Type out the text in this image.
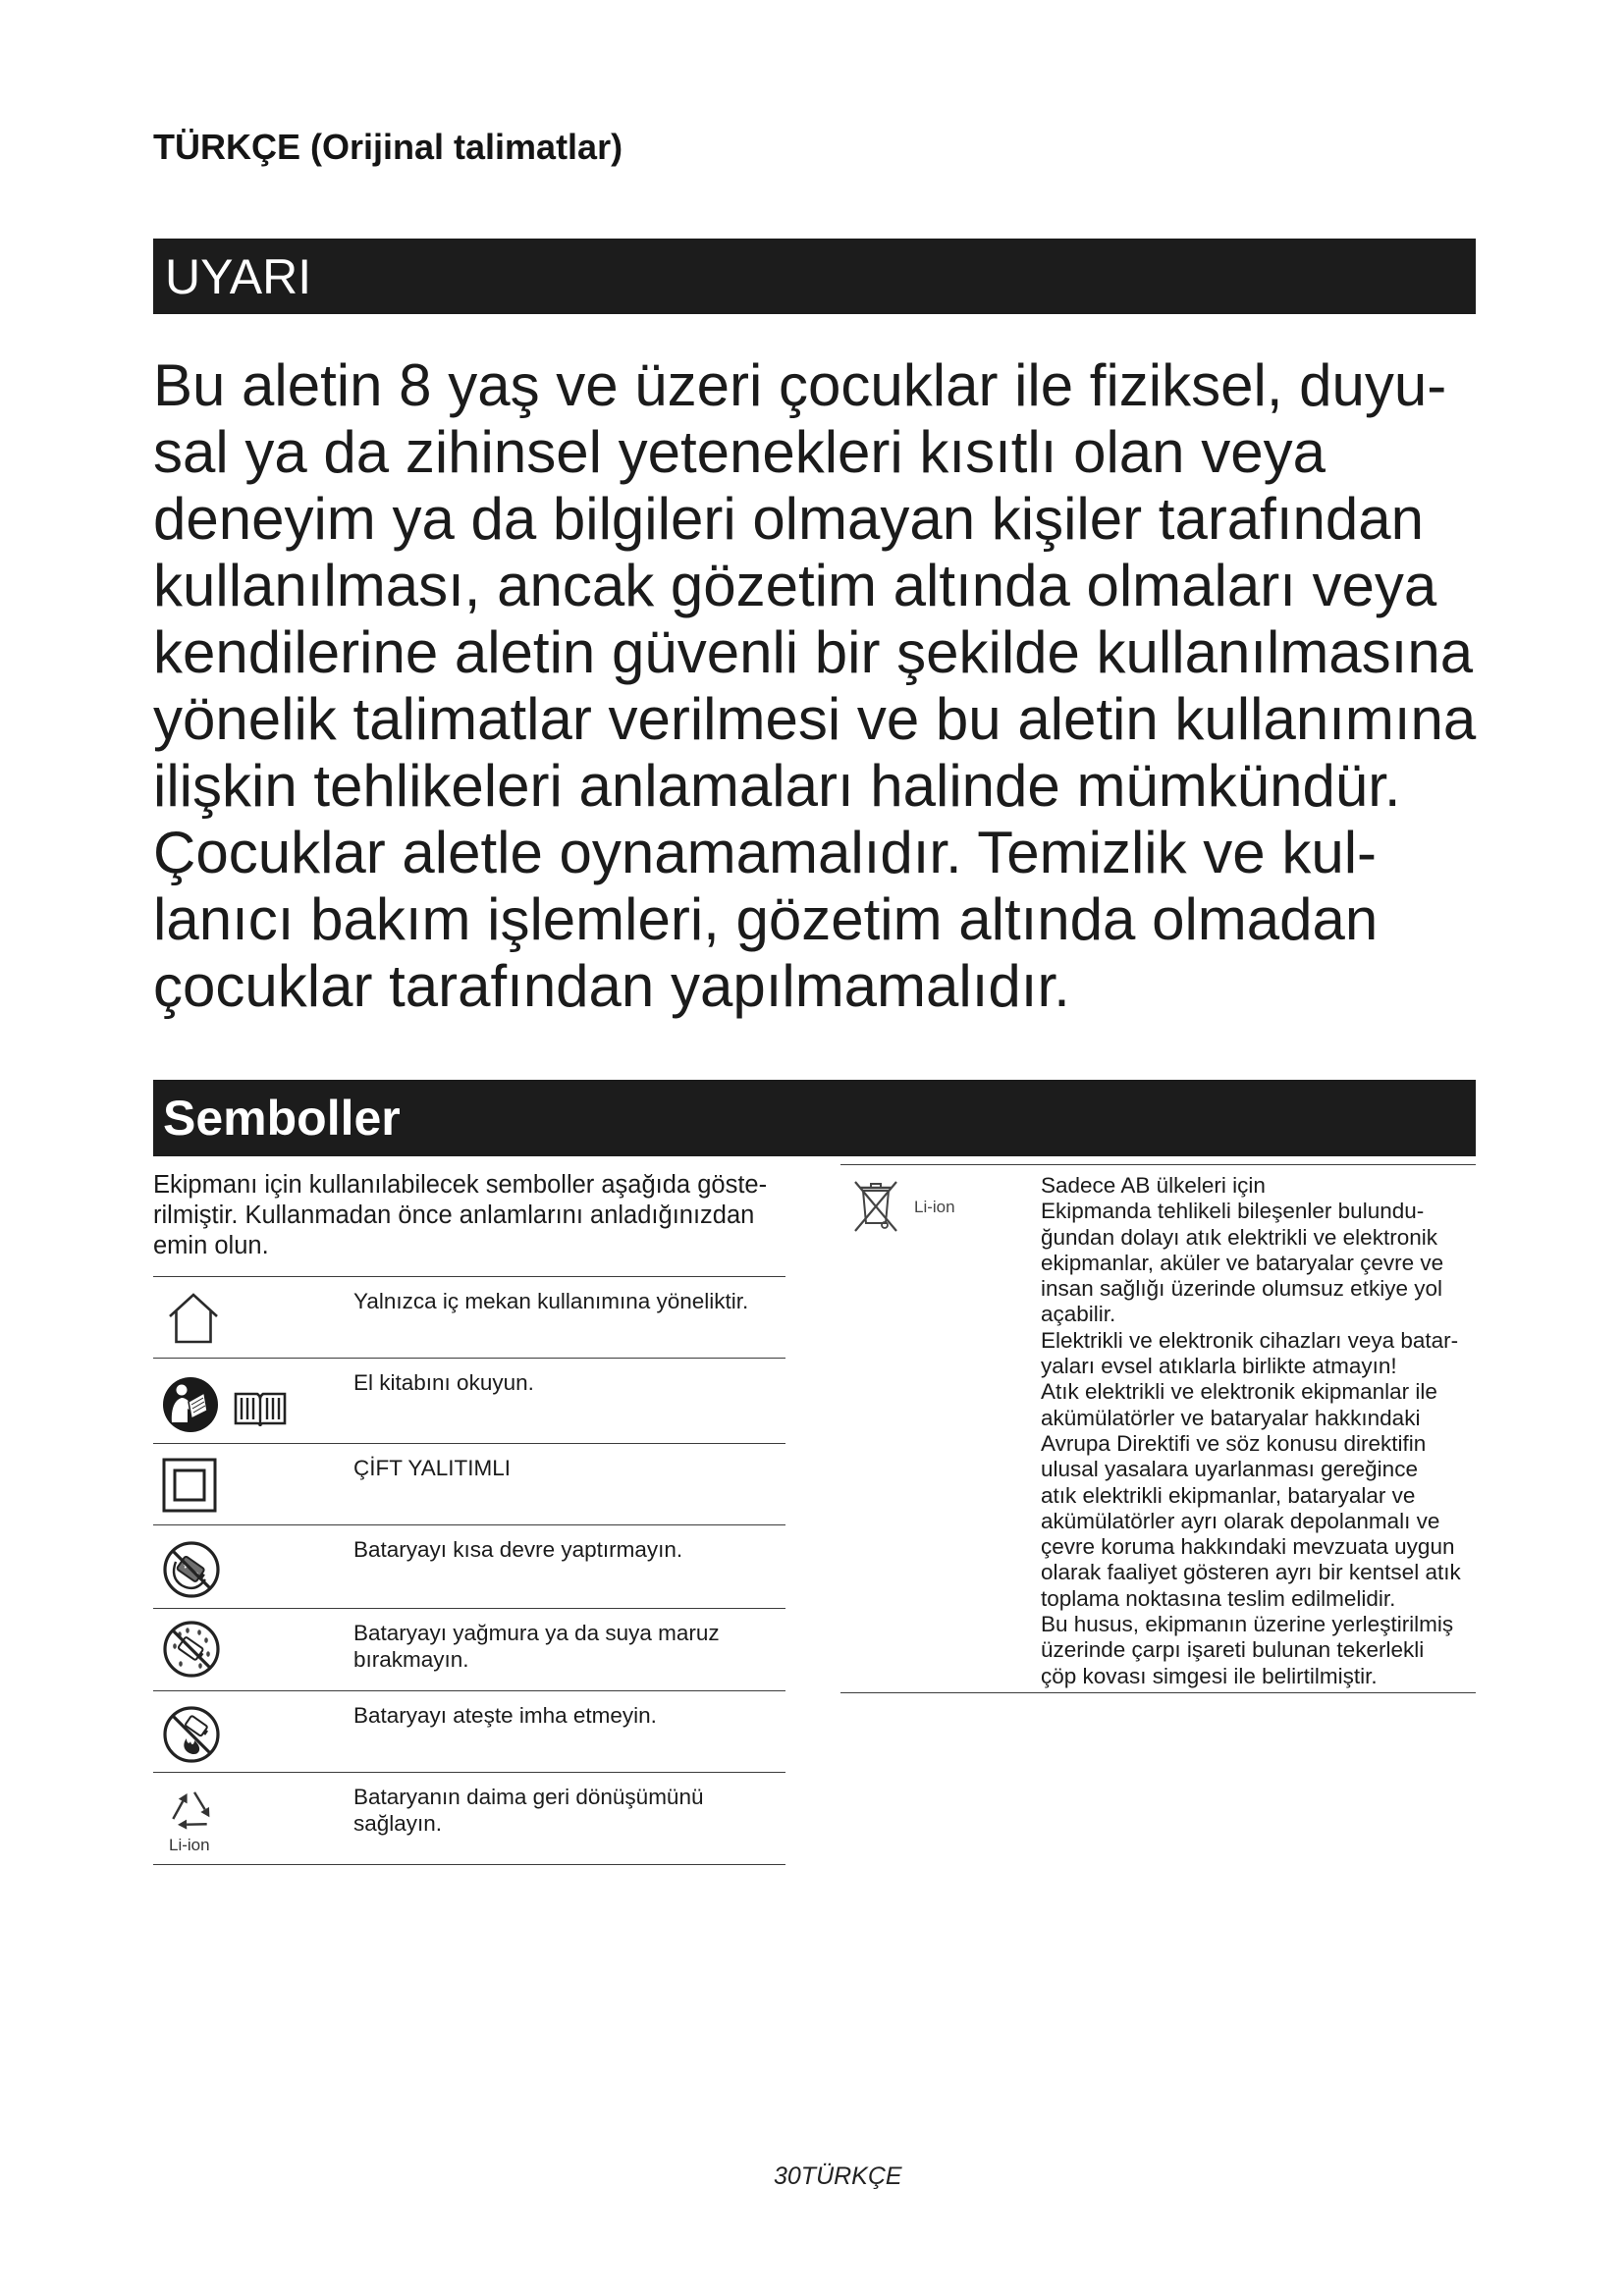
TÜRKÇE (Orijinal talimatlar)
UYARI
Bu aletin 8 yaş ve üzeri çocuklar ile fiziksel, duyu-
sal ya da zihinsel yetenekleri kısıtlı olan veya
deneyim ya da bilgileri olmayan kişiler tarafından
kullanılması, ancak gözetim altında olmaları veya
kendilerine aletin güvenli bir şekilde kullanılmasına
yönelik talimatlar verilmesi ve bu aletin kullanımına
ilişkin tehlikeleri anlamaları halinde mümkündür.
Çocuklar aletle oynamamalıdır. Temizlik ve kul-
lanıcı bakım işlemleri, gözetim altında olmadan
çocuklar tarafından yapılmamalıdır.
Semboller
Ekipmanı için kullanılabilecek semboller aşağıda göste-
rilmiştir. Kullanmadan önce anlamlarını anladığınızdan
emin olun.
Yalnızca iç mekan kullanımına yöneliktir.
El kitabını okuyun.
ÇİFT YALITIMLI
Bataryayı kısa devre yaptırmayın.
Bataryayı yağmura ya da suya maruz
bırakmayın.
Bataryayı ateşte imha etmeyin.
Li-ion
Bataryanın daima geri dönüşümünü
sağlayın.
Li-ion
Sadece AB ülkeleri için
Ekipmanda tehlikeli bileşenler bulundu-
ğundan dolayı atık elektrikli ve elektronik
ekipmanlar, aküler ve bataryalar çevre ve
insan sağlığı üzerinde olumsuz etkiye yol
açabilir.
Elektrikli ve elektronik cihazları veya batar-
yaları evsel atıklarla birlikte atmayın!
Atık elektrikli ve elektronik ekipmanlar ile
akümülatörler ve bataryalar hakkındaki
Avrupa Direktifi ve söz konusu direktifin
ulusal yasalara uyarlanması gereğince
atık elektrikli ekipmanlar, bataryalar ve
akümülatörler ayrı olarak depolanmalı ve
çevre koruma hakkındaki mevzuata uygun
olarak faaliyet gösteren ayrı bir kentsel atık
toplama noktasına teslim edilmelidir.
Bu husus, ekipmanın üzerine yerleştirilmiş
üzerinde çarpı işareti bulunan tekerlekli
çöp kovası simgesi ile belirtilmiştir.
30TÜRKÇE
